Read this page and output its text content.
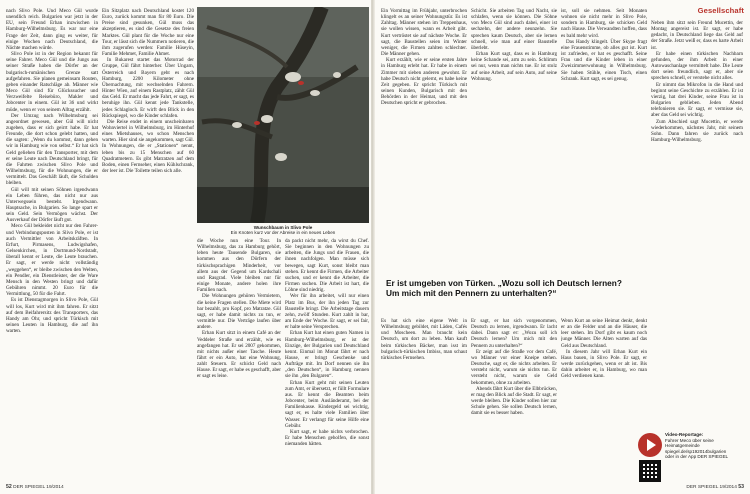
nach Slivo Pole. Und Meco Gül wurde unendlich reich. Bulgarien war jetzt in der EU, sein Freund Erhan inzwischen in Hamburg-Wilhelmsburg. Es war nur eine Frage der Zeit, dann ging es weiter, für einige Wochen nach Deutschland, die Nächte machen würde.

Slivo Pole ist in der Region bekannt für seine Fahrer. Meco Gül und die Jungs aus seiner Straße haben die Dörfer an der bulgarisch-rumänischen Grenze satt aufgefahren. Sie planen gemeinsam Routen, geben einander Ratschläge ab. Männer wie Meco Gül sind für Glückssucher und Verzweifelte Reisebüro, Makler und Jobcenter in einem. Gül ist 36 und wirkt müde, wenn er von seinem Alltag erzählt.

Der Umzug nach Wilhelmsburg sei angeordnet gewesen, aber Gül will nicht zugeben, dass er sich geirrt habe. Er hat Freunde, die dort schon gelebt hatten, und die sagten: „Wenn du kommst, dann gehen wir in Hamburg wie von selbst.“ Er hat sich Geld geliehen für den Transporter, mit dem er seine Leute nach Deutschland bringt, für die Fahrten zwischen Slivo Pole und Wilhelmsburg, für die Wohnungen, die er vermittelt. Das Geschäft läuft, die Schulden bleiben.

Gül will mit seinen Söhnen irgendwann ein Leben führen, das nicht nur aus Unterwegssein besteht. Irgendwann. Hauptsache, in Bulgarien. So lange spart er sein Geld. Sein Vermögen wächst. Der Ausverkauf der Dörfer läuft gut.

Meco Gül bekleidet nicht nur den Fahrer- und Verbindungsposten in Slivo Pole, er ist auch Vermittler von Arbeitskräften. In Erfurt, Pirmasens, Ludwigshafen, Gelsenkirchen, in Dortmund-Nordstadt, überall kennt er Leute, die Leute brauchen. Er sagt, er werde nicht vollständig „weggehen“, er bleibe zwischen den Welten, ein Pendler, ein Dienstleister, der die Ware Mensch in den Westen bringt und dafür Gebühren nimmt. 20 Euro für die Vermittlung, 50 für die Fahrt.

Es ist Dienstagmorgen in Slivo Pole, Gül will los, Kurt wird mit ihm fahren. Er sitzt auf dem Beifahrersitz des Transporters, das Handy am Ohr, und spricht Türkisch mit seinen Leuten in Hamburg, die auf ihn warten.

Ein Sitzplatz nach Deutschland kostet 120 Euro, zurück kommt man für 80 Euro. Die Preise sind gesunken, Gül muss das akzeptieren, es sind die Gesetze des freien Marktes. Gül plant für die Woche nur eine Tour, er lässt sich die Nummern notieren, die ihm zugerufen werden: Familie Hüseyin, Familie Mehmet, Familie Ahmet.

In Bukarest startet das Motorrad der Gruppe, Gül fährt hinterher. Über Ungarn, Österreich und Bayern geht es nach Hamburg, 2200 Kilometer ohne Übernachtung, mit wechselnden Fahrern. Hinter Wien, auf einem Rastplatz, zählt Gül das Geld. Er macht das jede Fahrt, er sagt, es beruhige ihn. Gül kennt jede Tankstelle, jedes Schlagloch. Er wirft den Blick in den Rückspiegel, wo die Kinder schlafen.

Die Reise endet in einem unscheinbaren Wohnviertel in Wilhelmsburg, im Hinterhof eines Mietshauses, wo schon Menschen warten. Hier sind sie angekommen, sagt Gül. In Wohnungen, die er „Stationen“ nennt, leben bis zu 15 Menschen auf 60 Quadratmetern. Es gibt Matratzen auf dem Boden, einen Fernseher, einen Kühlschrank, der leer ist. Die Toilette teilen sich alle.

Wunschbaum in Slivo Pole
Ein Knoten kurz vor der Abreise in ein neues Leben

die Woche nun eine Tour. In Wilhelmsburg, das zu Hamburg gehört, leben heute Tausende Bulgaren, sie kommen aus den Dörfern der türkischsprachigen Minderheit, vor allem aus der Gegend um Kardschali und Rasgrad. Viele bleiben nur für einige Monate, andere holen ihre Familien nach.

Die Wohnungen gehören Vermietern, die keine Fragen stellen. Die Miete wird bar bezahlt, pro Kopf, pro Matratze. Gül sagt, er habe damit nichts zu tun, er vermittle nur. Die Verträge laufen über andere.

Erhan Kurt sitzt in einem Café an der Veddeler Straße und erzählt, wie es angefangen hat. Er sei 2007 gekommen, mit nichts außer einer Tasche. Heute fährt er ein Auto, hat eine Wohnung, zahlt Steuern. Er schickt Geld nach Hause. Er sagt, er habe es geschafft, aber er sagt es leise.

da packt nicht mehr, da wirst du Chef. Sie beginnen in den Wohnungen zu arbeiten, die Jungs und die Frauen, die ihnen nachfolgen. Man müsse sich bewegen, sagt Kurt, sonst bleibt man stehen. Er kennt die Firmen, die Arbeiter suchen, und er kennt die Arbeiter, die Firmen suchen. Die Arbeit ist hart, die Löhne sind niedrig.

Wer für ihn arbeitet, will nur einen Platz im Bus, der ihn jeden Tag zur Baustelle bringt. Die Arbeitstage dauern zehn, zwölf Stunden. Kurt zahlt in bar, am Ende der Woche. Er sagt, er sei fair, er halte seine Versprechen.

Erhan Kurt hat einen guten Namen in Hamburg-Wilhelmsburg, er ist der Einzige, der Bulgarien und Deutschland kennt. Einmal im Monat fährt er nach Hause, er bringt Geschenke und Aufträge mit. Im Dorf nennen sie ihn „den Deutschen“, in Hamburg nennen sie ihn „den Bulgaren“.

Erhan Kurt geht mit seinen Leuten zum Amt, er übersetzt, er füllt Formulare aus. Er kennt die Beamten beim Jobcenter, beim Ausländeramt, bei der Familienkasse. Kindergeld sei wichtig, sagt er, es halte viele Familien über Wasser. Er verlangt für seine Hilfe eine Gebühr.

Kurt sagt, er habe nichts verbrochen. Er habe Menschen geholfen, die sonst niemanden hätten.

52 DER SPIEGEL 19/2014
Gesellschaft

Ein Vormittag im Frühjahr, unterbrochen klingelt es an seiner Wohnungstür. Es ist Zahltag. Männer stehen im Treppenhaus, sie wollen wissen, wann es Arbeit gibt. Kurt vertröstet sie auf nächste Woche. Er sagt, die Baustellen seien im Winter weniger, die Firmen zahlten schlechter. Die Männer gehen.

Kurt erzählt, wie er seine ersten Jahre in Hamburg erlebt hat. Er habe in einem Zimmer mit sieben anderen gewohnt. Er habe Deutsch nicht gelernt, es habe keine Zeit gegeben. Er spricht Türkisch mit seinen Kunden, Bulgarisch mit den Behörden in der Heimat, und mit den Deutschen spricht er gebrochen.

Schicht. Sie arbeiten Tag und Nacht, sie schlafen, wenn sie können. Die Söhne von Meco Gül sind auch dabei, einer ist sechzehn, der andere neunzehn. Sie sprechen kaum Deutsch, aber sie lernen schnell, wie man auf einer Baustelle überlebt.

Erhan Kurt sagt, dass es in Hamburg keine Schande sei, arm zu sein. Schlimm sei nur, wenn man nichts tue. Er ist stolz auf seine Arbeit, auf sein Auto, auf seine Wohnung.

ist, soll sie nehmen. Seit Monaten wohnen sie nicht mehr in Slivo Pole, sondern in Hamburg, sie schicken Geld nach Hause. Die Verwandten hoffen, dass es bald mehr wird.

Das Handy klingelt. Über Skype fragt eine Frauenstimme, ob alles gut ist. Kurt ist zufrieden, er hat es geschafft. Seine Frau und die Kinder leben in einer Zweizimmerwohnung in Wilhelmsburg. Sie haben Stühle, einen Tisch, einen Schrank. Kurt sagt, es sei genug.

Neben ihm sitzt sein Freund Mucettin, der Montag angereist ist. Er sagt, er habe gedacht, in Deutschland liege das Geld auf der Straße. Jetzt weiß er, dass es harte Arbeit ist.

Er habe einen türkischen Nachbarn gefunden, der ihm Arbeit in einer Autowaschanlage vermittelt habe. Die Leute dort seien freundlich, sagt er, aber sie sprechen schnell, er verstehe nicht alles.

Er nimmt das Mikrofon in die Hand und beginnt seine Geschichte zu erzählen. Er ist vierzig, hat drei Kinder, seine Frau ist in Bulgarien geblieben. Jeden Abend telefonieren sie. Er sagt, er vermisse sie, aber das Geld sei wichtig.

Zum Abschied sagt Mucettin, er werde wiederkommen, nächstes Jahr, mit seinem Sohn. Dann fahren sie zurück nach Hamburg-Wilhelmsburg.

Es hat sich eine eigene Welt in Wilhelmsburg gebildet, mit Läden, Cafés und Moscheen. Man braucht kein Deutsch, um dort zu leben. Man kauft beim türkischen Bäcker, man isst im bulgarisch-türkischen Imbiss, man schaut türkisches Fernsehen.

Er sagt, er hat sich vorgenommen, Deutsch zu lernen, irgendwann. Er lacht dabei. Dann sagt er: „Wozu soll ich Deutsch lernen? Um mich mit den Pennern zu unterhalten?“

Er zeigt auf die Straße vor dem Café, wo Männer vor einer Kneipe stehen. Deutsche, sagt er, die nichts arbeiten. Er versteht nicht, warum sie nichts tun. Er versteht nicht, warum sie Geld bekommen, ohne zu arbeiten.

Abends fährt Kurt über die Elbbrücken, er mag den Blick auf die Stadt. Er sagt, er werde bleiben. Die Kinder sollen hier zur Schule gehen. Sie sollen Deutsch lernen, damit sie es besser haben.

Wenn Kurt an seine Heimat denkt, denkt er an die Felder und an die Häuser, die leer stehen. Im Dorf gibt es kaum noch junge Männer. Die Alten warten auf das Geld aus Deutschland.

In diesem Jahr will Erhan Kurt ein Haus bauen, in Slivo Pole. Er sagt, er werde zurückgehen, wenn er alt ist. Bis dahin arbeitet er, in Hamburg, wo man Geld verdienen kann.

DER SPIEGEL 19/2014 53
Er ist umgeben von Türken. „Wozu soll ich Deutsch lernen? Um mich mit den Pennern zu unterhalten?“
Video-Reportage:
Fahrer Meco über seine Heimatgemeinde
spiegel.de/sp192014bulgarien
oder in der App DER SPIEGEL
